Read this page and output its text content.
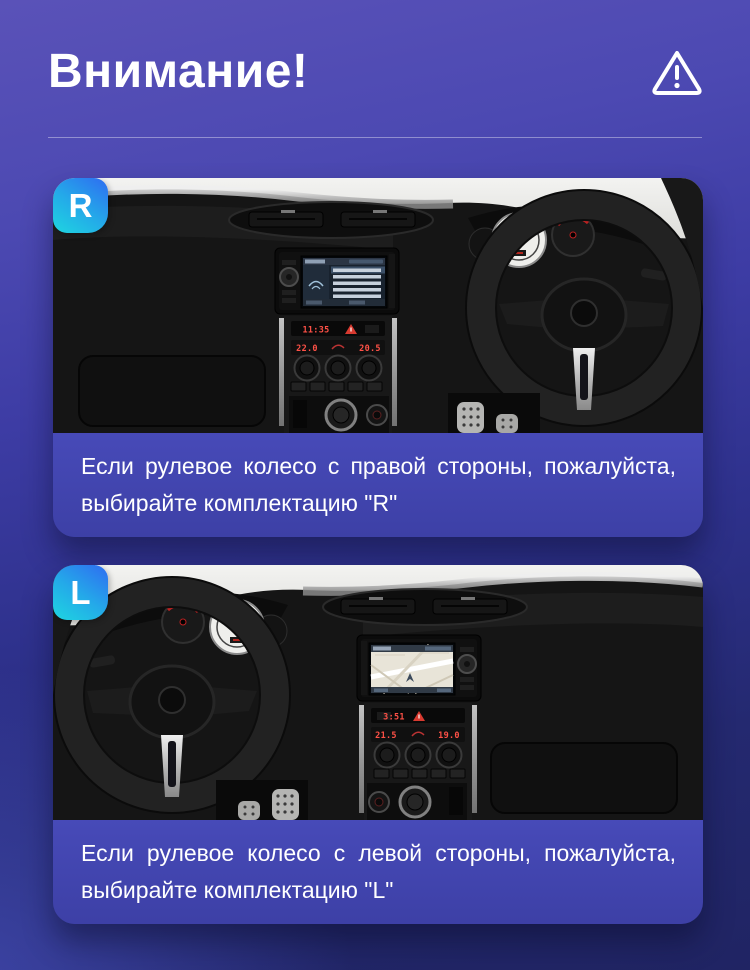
Внимание!
11:35
22.0	20.5
R
Если рулевое колесо с правой стороны, пожалуйста, выбирайте комплектацию "R"
3:51
21.5	19.0
L
Если рулевое колесо с левой стороны, пожалуйста, выбирайте комплектацию "L"
